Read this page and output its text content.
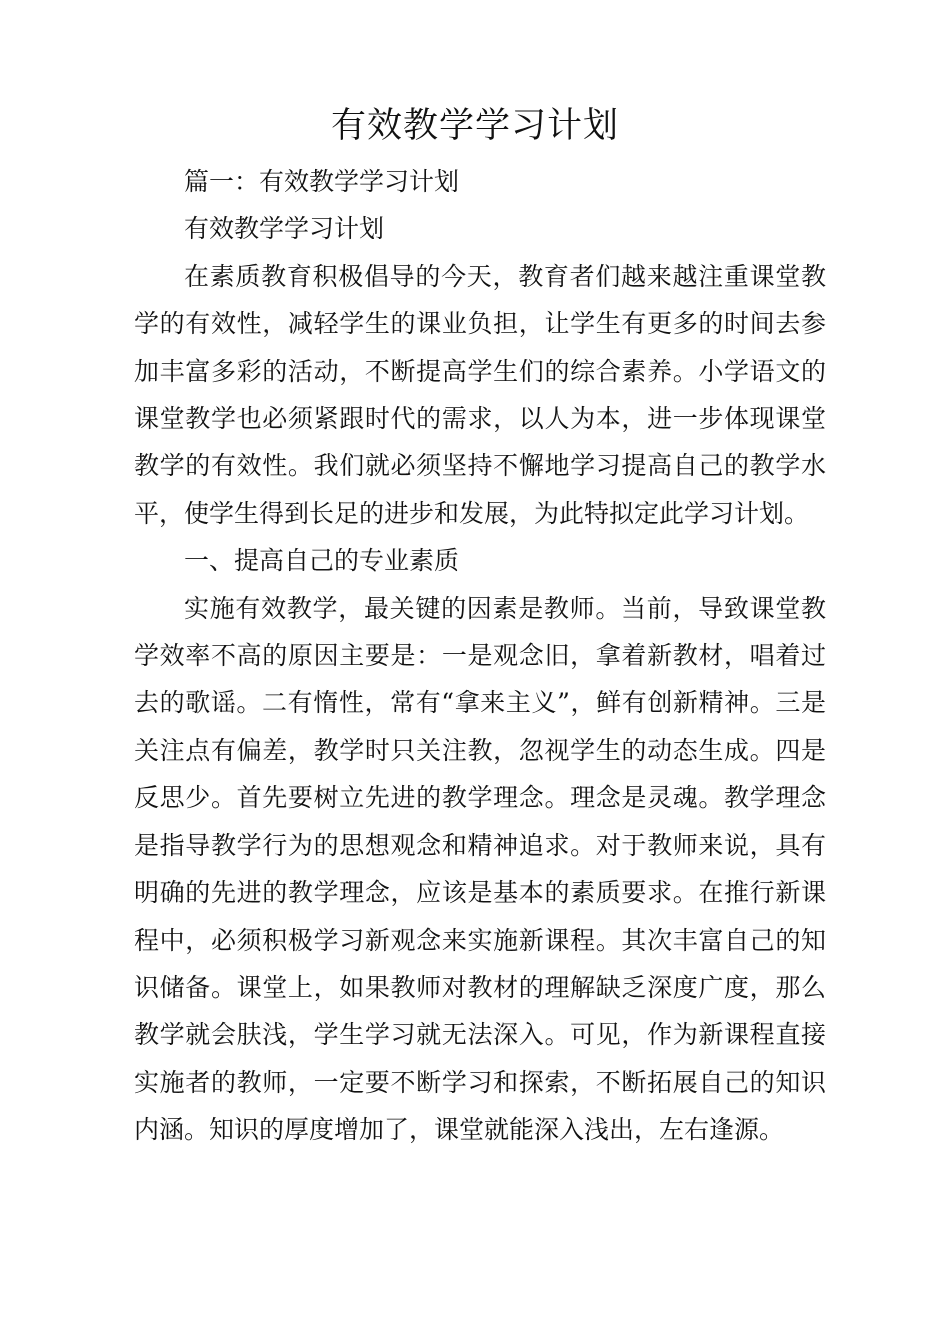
有效教学学习计划

篇一：有效教学学习计划

有效教学学习计划

在素质教育积极倡导的今天，教育者们越来越注重课堂教学的有效性，减轻学生的课业负担，让学生有更多的时间去参加丰富多彩的活动，不断提高学生们的综合素养。小学语文的课堂教学也必须紧跟时代的需求，以人为本，进一步体现课堂教学的有效性。我们就必须坚持不懈地学习提高自己的教学水平，使学生得到长足的进步和发展，为此特拟定此学习计划。

一、提高自己的专业素质

实施有效教学，最关键的因素是教师。当前，导致课堂教学效率不高的原因主要是：一是观念旧，拿着新教材，唱着过去的歌谣。二有惰性，常有“拿来主义”，鲜有创新精神。三是关注点有偏差，教学时只关注教，忽视学生的动态生成。四是反思少。首先要树立先进的教学理念。理念是灵魂。教学理念是指导教学行为的思想观念和精神追求。对于教师来说，具有明确的先进的教学理念，应该是基本的素质要求。在推行新课程中，必须积极学习新观念来实施新课程。其次丰富自己的知识储备。课堂上，如果教师对教材的理解缺乏深度广度，那么教学就会肤浅，学生学习就无法深入。可见，作为新课程直接实施者的教师，一定要不断学习和探索，不断拓展自己的知识内涵。知识的厚度增加了，课堂就能深入浅出，左右逢源。
